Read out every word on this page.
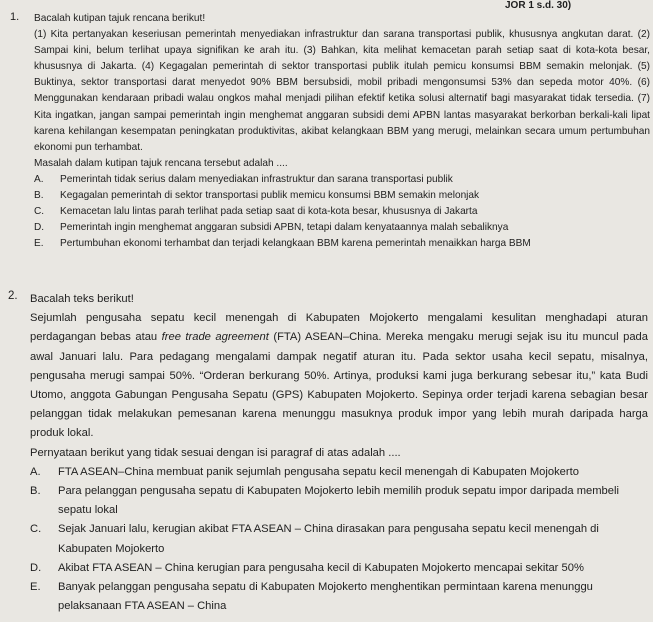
JOR 1 s.d. 30)
1. Bacalah kutipan tajuk rencana berikut!

(1) Kita pertanyakan keseriusan pemerintah menyediakan infrastruktur dan sarana transportasi publik, khususnya angkutan darat. (2) Sampai kini, belum terlihat upaya signifikan ke arah itu. (3) Bahkan, kita melihat kemacetan parah setiap saat di kota-kota besar, khususnya di Jakarta. (4) Kegagalan pemerintah di sektor transportasi publik itulah pemicu konsumsi BBM semakin melonjak. (5) Buktinya, sektor transportasi darat menyedot 90% BBM bersubsidi, mobil pribadi mengonsumsi 53% dan sepeda motor 40%. (6) Menggunakan kendaraan pribadi walau ongkos mahal menjadi pilihan efektif ketika solusi alternatif bagi masyarakat tidak tersedia. (7) Kita ingatkan, jangan sampai pemerintah ingin menghemat anggaran subsidi demi APBN lantas masyarakat berkorban berkali-kali lipat karena kehilangan kesempatan peningkatan produktivitas, akibat kelangkaan BBM yang merugi, melainkan secara umum pertumbuhan ekonomi pun terhambat.

Masalah dalam kutipan tajuk rencana tersebut adalah ....

A.	Pemerintah tidak serius dalam menyediakan infrastruktur dan sarana transportasi publik
B.	Kegagalan pemerintah di sektor transportasi publik memicu konsumsi BBM semakin melonjak
C.	Kemacetan lalu lintas parah terlihat pada setiap saat di kota-kota besar, khususnya di Jakarta
D.	Pemerintah ingin menghemat anggaran subsidi APBN, tetapi dalam kenyataannya malah sebaliknya
E.	Pertumbuhan ekonomi terhambat dan terjadi kelangkaan BBM karena pemerintah menaikkan harga BBM
2. Bacalah teks berikut!

Sejumlah pengusaha sepatu kecil menengah di Kabupaten Mojokerto mengalami kesulitan menghadapi aturan perdagangan bebas atau free trade agreement (FTA) ASEAN–China. Mereka mengaku merugi sejak isu itu muncul pada awal Januari lalu. Para pedagang mengalami dampak negatif aturan itu. Pada sektor usaha kecil sepatu, misalnya, pengusaha merugi sampai 50%. “Orderan berkurang 50%. Artinya, produksi kami juga berkurang sebesar itu,” kata Budi Utomo, anggota Gabungan Pengusaha Sepatu (GPS) Kabupaten Mojokerto. Sepinya order terjadi karena sebagian besar pelanggan tidak melakukan pemesanan karena menunggu masuknya produk impor yang lebih murah daripada harga produk lokal.

Pernyataan berikut yang tidak sesuai dengan isi paragraf di atas adalah ....

A.	FTA ASEAN–China membuat panik sejumlah pengusaha sepatu kecil menengah di Kabupaten Mojokerto
B.	Para pelanggan pengusaha sepatu di Kabupaten Mojokerto lebih memilih produk sepatu impor daripada membeli sepatu lokal
C.	Sejak Januari lalu, kerugian akibat FTA ASEAN – China dirasakan para pengusaha sepatu kecil menengah di Kabupaten Mojokerto
D.	Akibat FTA ASEAN – China kerugian para pengusaha kecil di Kabupaten Mojokerto mencapai sekitar 50%
E.	Banyak pelanggan pengusaha sepatu di Kabupaten Mojokerto menghentikan permintaan karena menunggu pelaksanaan FTA ASEAN – China
